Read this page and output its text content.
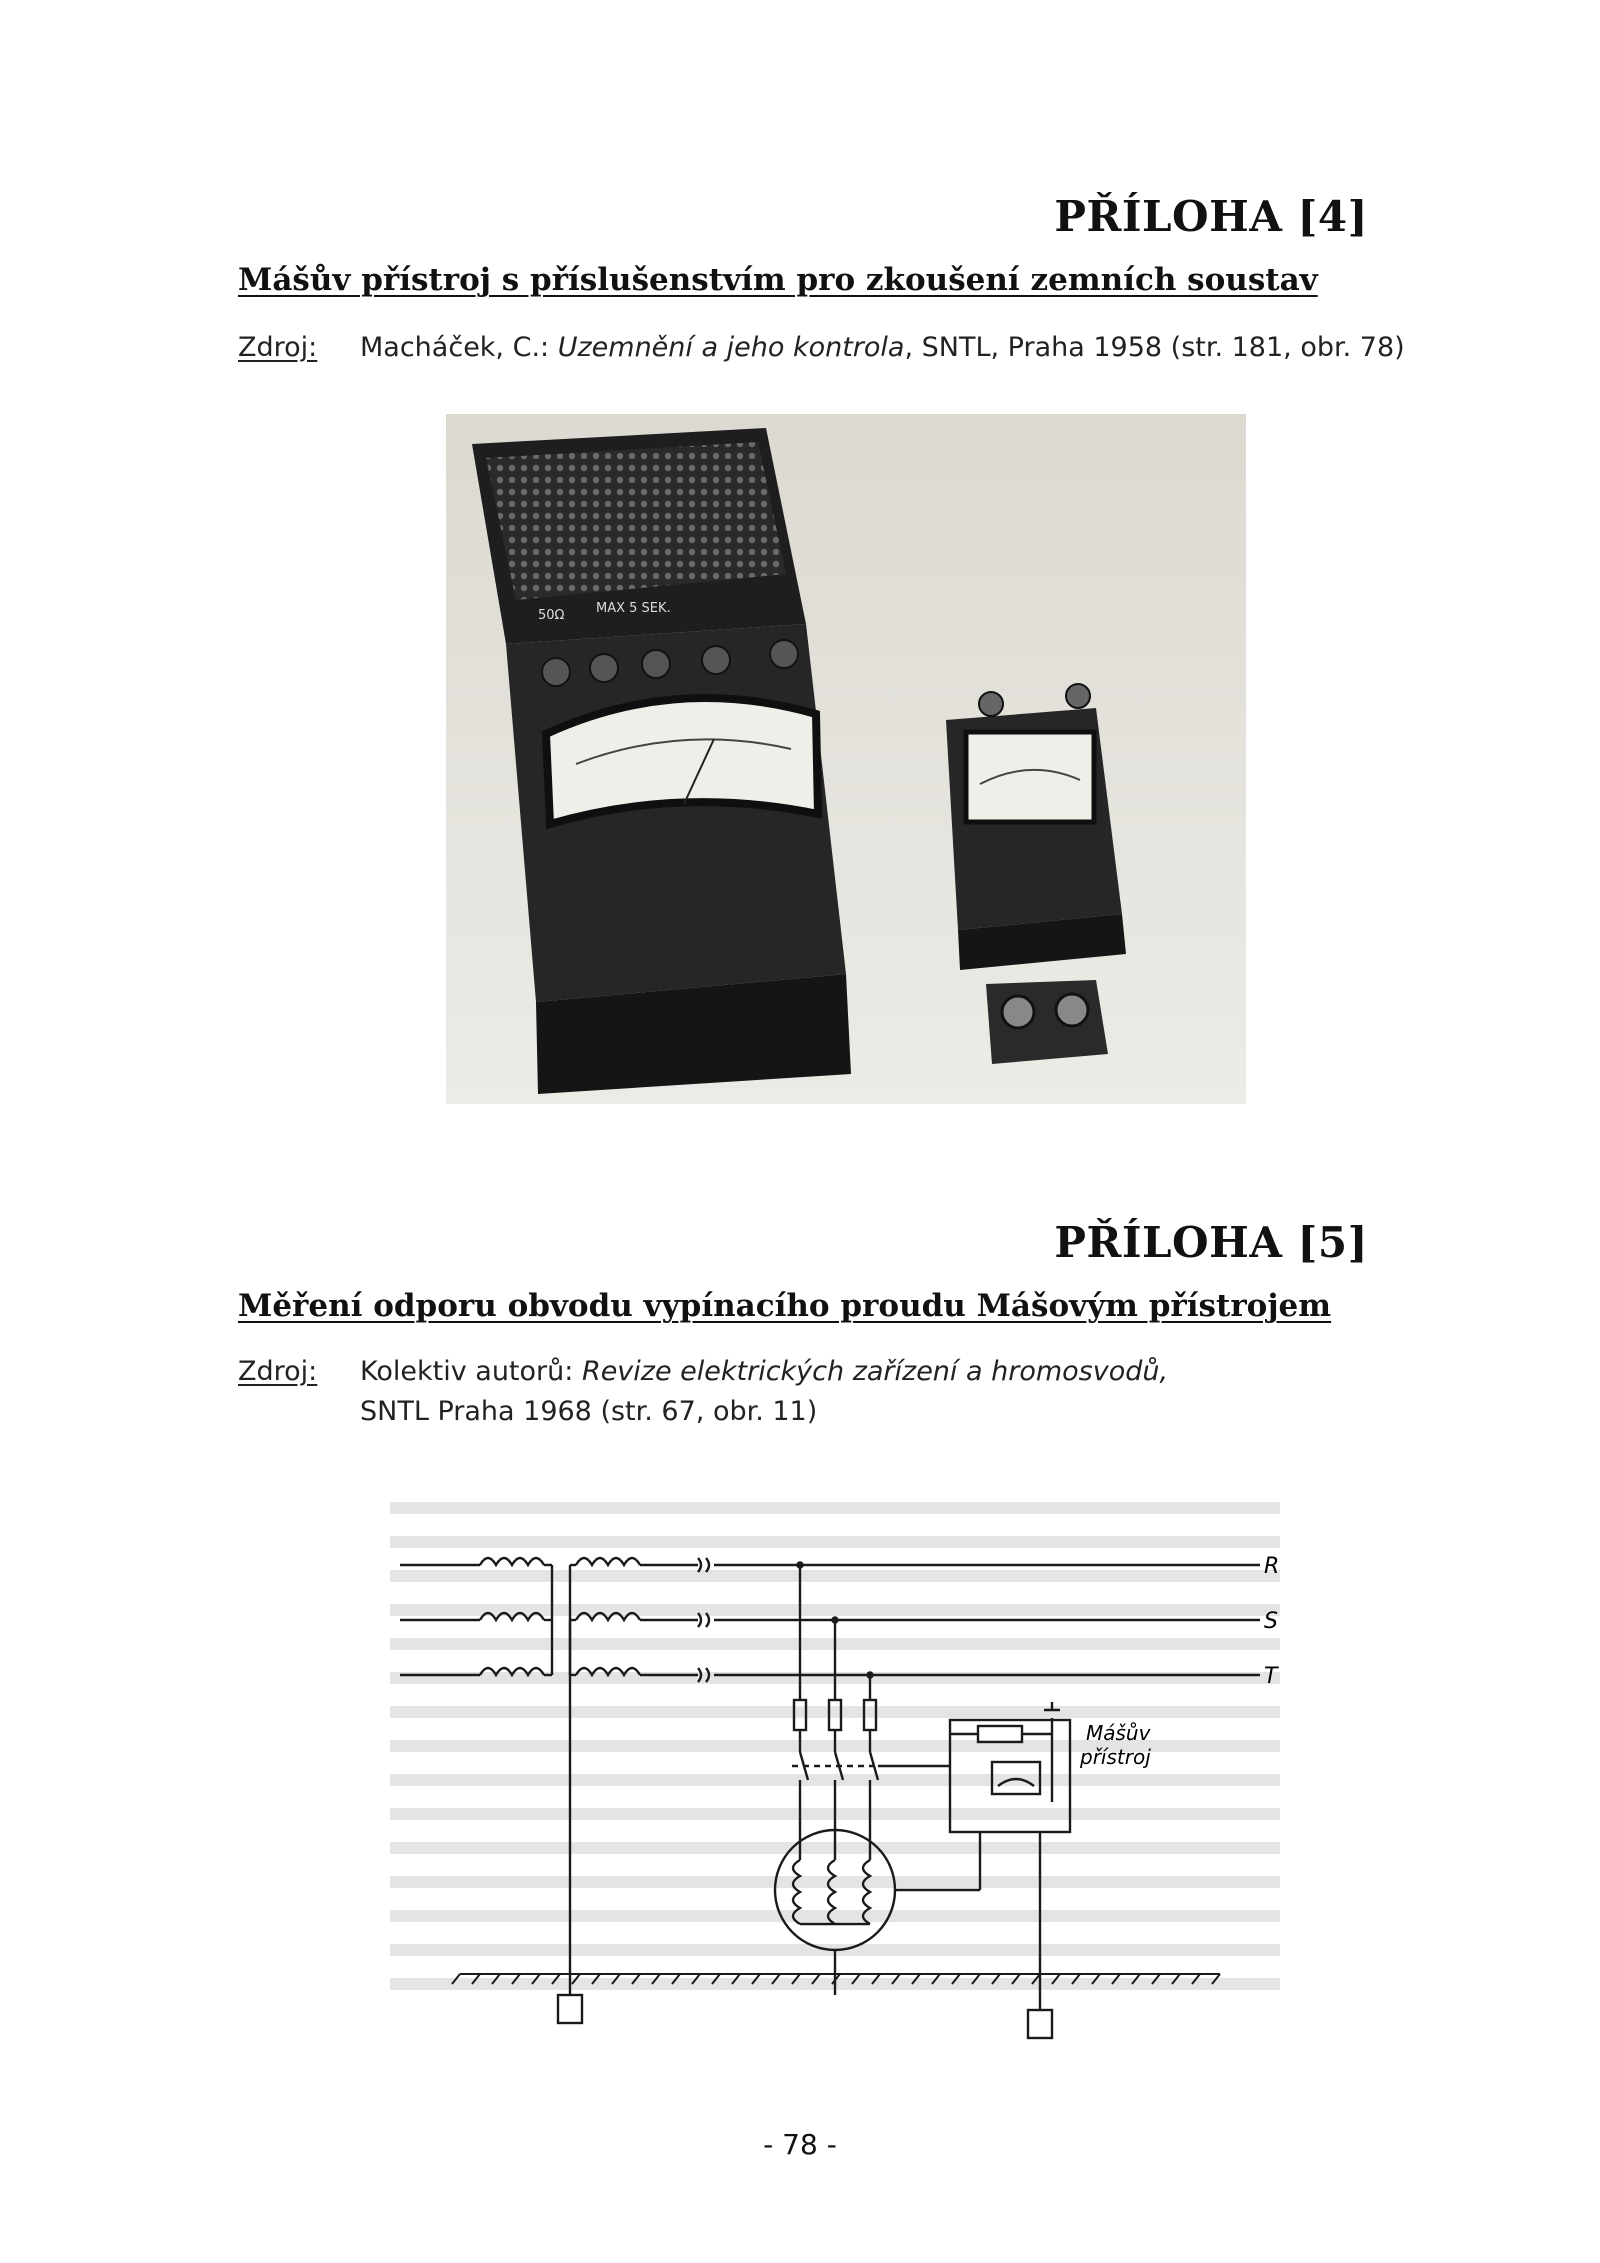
PŘÍLOHA [4]
Mášův přístroj s příslušenstvím pro zkoušení zemních soustav
Zdroj: Macháček, C.: Uzemnění a jeho kontrola, SNTL, Praha 1958 (str. 181, obr. 78)
50Ω MAX 5 SEK.
PŘÍLOHA [5]
Měření odporu obvodu vypínacího proudu Mášovým přístrojem
Zdroj: Kolektiv autorů: Revize elektrických zařízení a hromosvodů,
SNTL Praha 1968 (str. 67, obr. 11)
R
S
T
Mášův
přístroj
- 78 -
